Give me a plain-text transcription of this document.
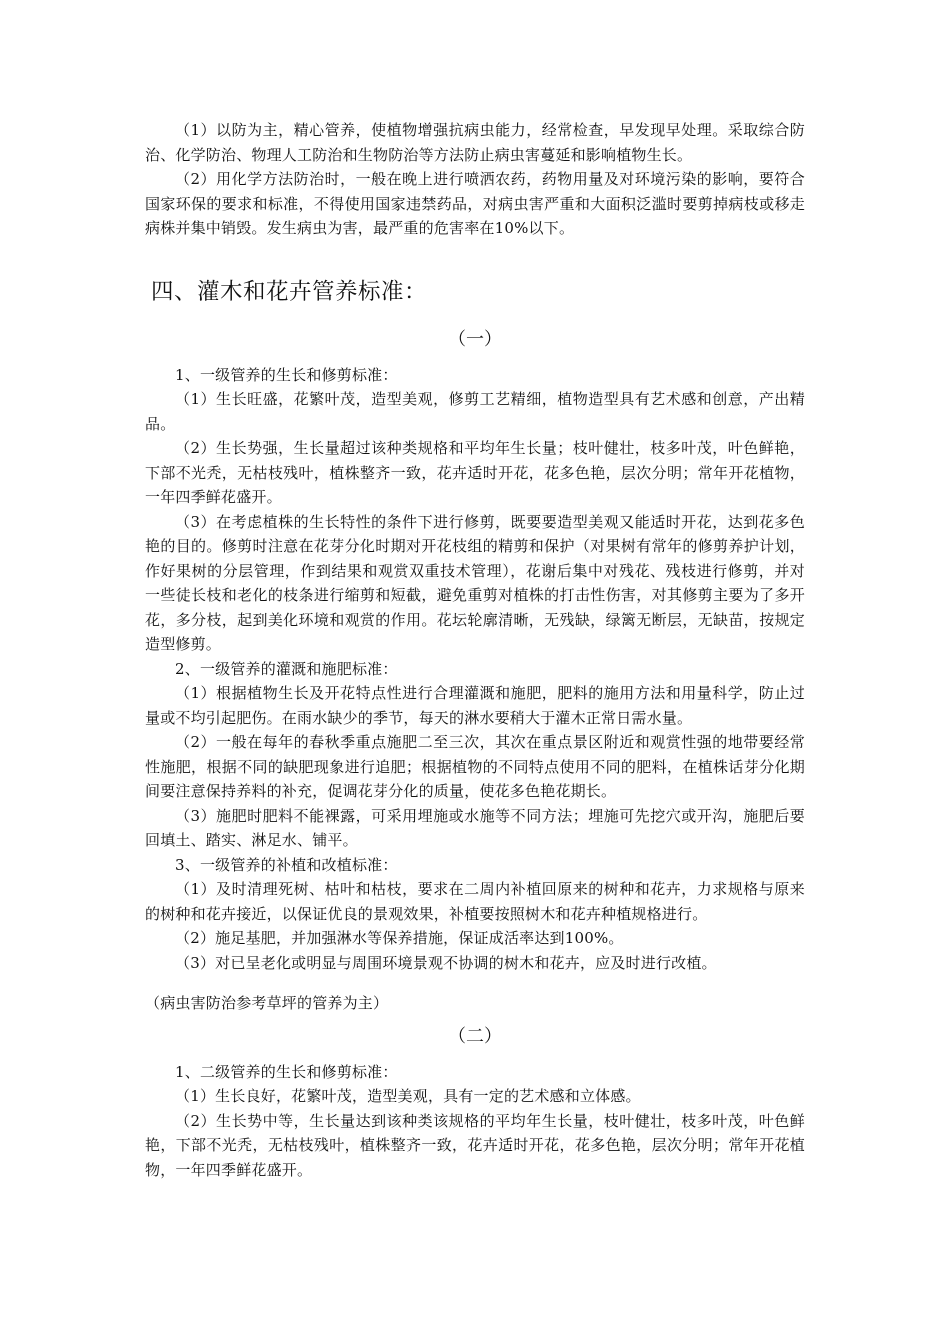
（1）以防为主，精心管养，使植物增强抗病虫能力，经常检查，早发现早处理。采取综合防治、化学防治、物理人工防治和生物防治等方法防止病虫害蔓延和影响植物生长。

（2）用化学方法防治时，一般在晚上进行喷洒农药，药物用量及对环境污染的影响，要符合国家环保的要求和标准，不得使用国家违禁药品，对病虫害严重和大面积泛滥时要剪掉病枝或移走病株并集中销毁。发生病虫为害，最严重的危害率在10%以下。

四、灌木和花卉管养标准：
（一）

1、一级管养的生长和修剪标准：

（1）生长旺盛，花繁叶茂，造型美观，修剪工艺精细，植物造型具有艺术感和创意，产出精品。

（2）生长势强，生长量超过该种类规格和平均年生长量；枝叶健壮，枝多叶茂，叶色鲜艳，下部不光秃，无枯枝残叶，植株整齐一致，花卉适时开花，花多色艳，层次分明；常年开花植物，一年四季鲜花盛开。

（3）在考虑植株的生长特性的条件下进行修剪，既要要造型美观又能适时开花，达到花多色艳的目的。修剪时注意在花芽分化时期对开花枝组的精剪和保护（对果树有常年的修剪养护计划，作好果树的分层管理，作到结果和观赏双重技术管理），花谢后集中对残花、残枝进行修剪，并对一些徒长枝和老化的枝条进行缩剪和短截，避免重剪对植株的打击性伤害，对其修剪主要为了多开花，多分枝，起到美化环境和观赏的作用。花坛轮廓清晰，无残缺，绿篱无断层，无缺苗，按规定造型修剪。

2、一级管养的灌溉和施肥标准：

（1）根据植物生长及开花特点性进行合理灌溉和施肥，肥料的施用方法和用量科学，防止过量或不均引起肥伤。在雨水缺少的季节，每天的淋水要稍大于灌木正常日需水量。

（2）一般在每年的春秋季重点施肥二至三次，其次在重点景区附近和观赏性强的地带要经常性施肥，根据不同的缺肥现象进行追肥；根据植物的不同特点使用不同的肥料，在植株话芽分化期间要注意保持养料的补充，促调花芽分化的质量，使花多色艳花期长。

（3）施肥时肥料不能裸露，可采用埋施或水施等不同方法；埋施可先挖穴或开沟，施肥后要回填土、踏实、淋足水、铺平。

3、一级管养的补植和改植标准：

（1）及时清理死树、枯叶和枯枝，要求在二周内补植回原来的树种和花卉，力求规格与原来的树种和花卉接近，以保证优良的景观效果，补植要按照树木和花卉种植规格进行。

（2）施足基肥，并加强淋水等保养措施，保证成活率达到100%。

（3）对已呈老化或明显与周围环境景观不协调的树木和花卉，应及时进行改植。

（病虫害防治参考草坪的管养为主）

（二）

1、二级管养的生长和修剪标准：

（1）生长良好，花繁叶茂，造型美观，具有一定的艺术感和立体感。

（2）生长势中等，生长量达到该种类该规格的平均年生长量，枝叶健壮，枝多叶茂，叶色鲜艳，下部不光秃，无枯枝残叶，植株整齐一致，花卉适时开花，花多色艳，层次分明；常年开花植物，一年四季鲜花盛开。
